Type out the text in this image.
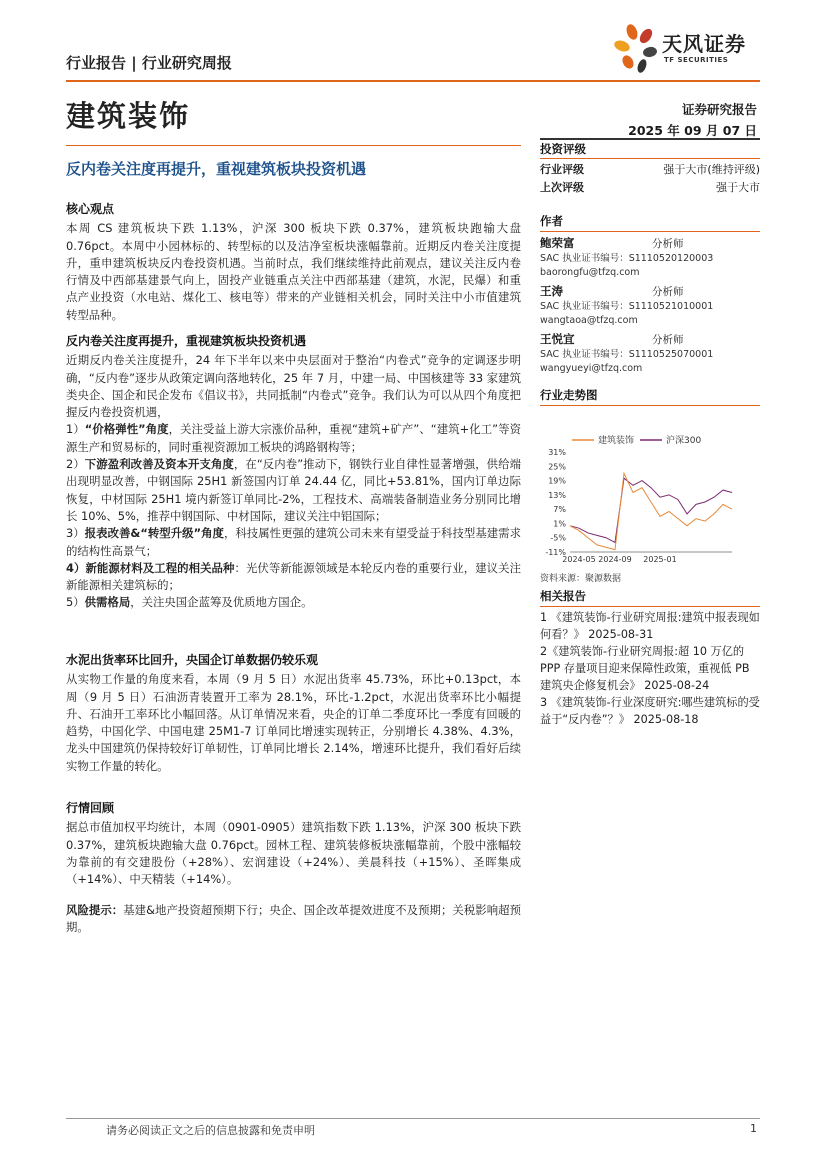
行业报告 | 行业研究周报
天风证券
TF SECURITIES
建筑装饰	证券研究报告
2025 年 09 月 07 日
反内卷关注度再提升，重视建筑板块投资机遇
核心观点
本周 CS 建筑板块下跌 1.13%，沪深 300 板块下跌 0.37%，建筑板块跑输大盘 0.76pct。本周中小园林标的、转型标的以及洁净室板块涨幅靠前。近期反内卷关注度提升，重申建筑板块反内卷投资机遇。当前时点，我们继续维持此前观点，建议关注反内卷行情及中西部基建景气向上，固投产业链重点关注中西部基建（建筑，水泥，民爆）和重点产业投资（水电站、煤化工、核电等）带来的产业链相关机会，同时关注中小市值建筑转型品种。
反内卷关注度再提升，重视建筑板块投资机遇
近期反内卷关注度提升，24 年下半年以来中央层面对于整治“内卷式”竞争的定调逐步明确，“反内卷”逐步从政策定调向落地转化，25 年 7 月，中建一局、中国核建等 33 家建筑类央企、国企和民企发布《倡议书》，共同抵制“内卷式”竞争。我们认为可以从四个角度把握反内卷投资机遇，
1）“价格弹性”角度，关注受益上游大宗涨价品种，重视“建筑+矿产”、“建筑+化工”等资源生产和贸易标的，同时重视资源加工板块的鸿路钢构等；
2）下游盈利改善及资本开支角度，在“反内卷”推动下，钢铁行业自律性显著增强，供给端出现明显改善，中钢国际 25H1 新签国内订单 24.44 亿，同比+53.81%，国内订单边际恢复，中材国际 25H1 境内新签订单同比-2%，工程技术、高端装备制造业务分别同比增长 10%、5%，推荐中钢国际、中材国际，建议关注中铝国际；
3）报表改善&“转型升级”角度，科技属性更强的建筑公司未来有望受益于科技型基建需求的结构性高景气；
4）新能源材料及工程的相关品种：光伏等新能源领域是本轮反内卷的重要行业，建议关注新能源相关建筑标的；
5）供需格局，关注央国企蓝筹及优质地方国企。
水泥出货率环比回升，央国企订单数据仍较乐观
从实物工作量的角度来看，本周（9 月 5 日）水泥出货率 45.73%，环比+0.13pct，本周（9 月 5 日）石油沥青装置开工率为 28.1%，环比-1.2pct，水泥出货率环比小幅提升、石油开工率环比小幅回落。从订单情况来看，央企的订单二季度环比一季度有回暖的趋势，中国化学、中国电建 25M1-7 订单同比增速实现转正，分别增长 4.38%、4.3%，龙头中国建筑仍保持较好订单韧性，订单同比增长 2.14%，增速环比提升，我们看好后续实物工作量的转化。
行情回顾
据总市值加权平均统计，本周（0901-0905）建筑指数下跌 1.13%，沪深 300 板块下跌 0.37%，建筑板块跑输大盘 0.76pct。园林工程、建筑装修板块涨幅靠前，个股中涨幅较为靠前的有交建股份（+28%）、宏润建设（+24%）、美晨科技（+15%）、圣晖集成（+14%）、中天精装（+14%）。
风险提示：基建&地产投资超预期下行；央企、国企改革提效进度不及预期；关税影响超预期。
投资评级
行业评级	强于大市(维持评级)
上次评级	强于大市
作者
鲍荣富	分析师
SAC 执业证书编号：S1110520120003
baorongfu@tfzq.com
王涛	分析师
SAC 执业证书编号：S1110521010001
wangtaoa@tfzq.com
王悦宜	分析师
SAC 执业证书编号：S1110525070001
wangyueyi@tfzq.com
行业走势图
建筑装饰	沪深300
31%
25%
19%
13%
7%
1%
-5%
-11%
2024-05 2024-09 2025-01
资料来源：聚源数据
相关报告
1 《建筑装饰-行业研究周报:建筑中报表现如何看？》 2025-08-31
2《建筑装饰-行业研究周报:超 10 万亿的 PPP 存量项目迎来保障性政策，重视低 PB 建筑央企修复机会》 2025-08-24
3 《建筑装饰-行业深度研究:哪些建筑标的受益于“反内卷”？》 2025-08-18
请务必阅读正文之后的信息披露和免责申明	1
